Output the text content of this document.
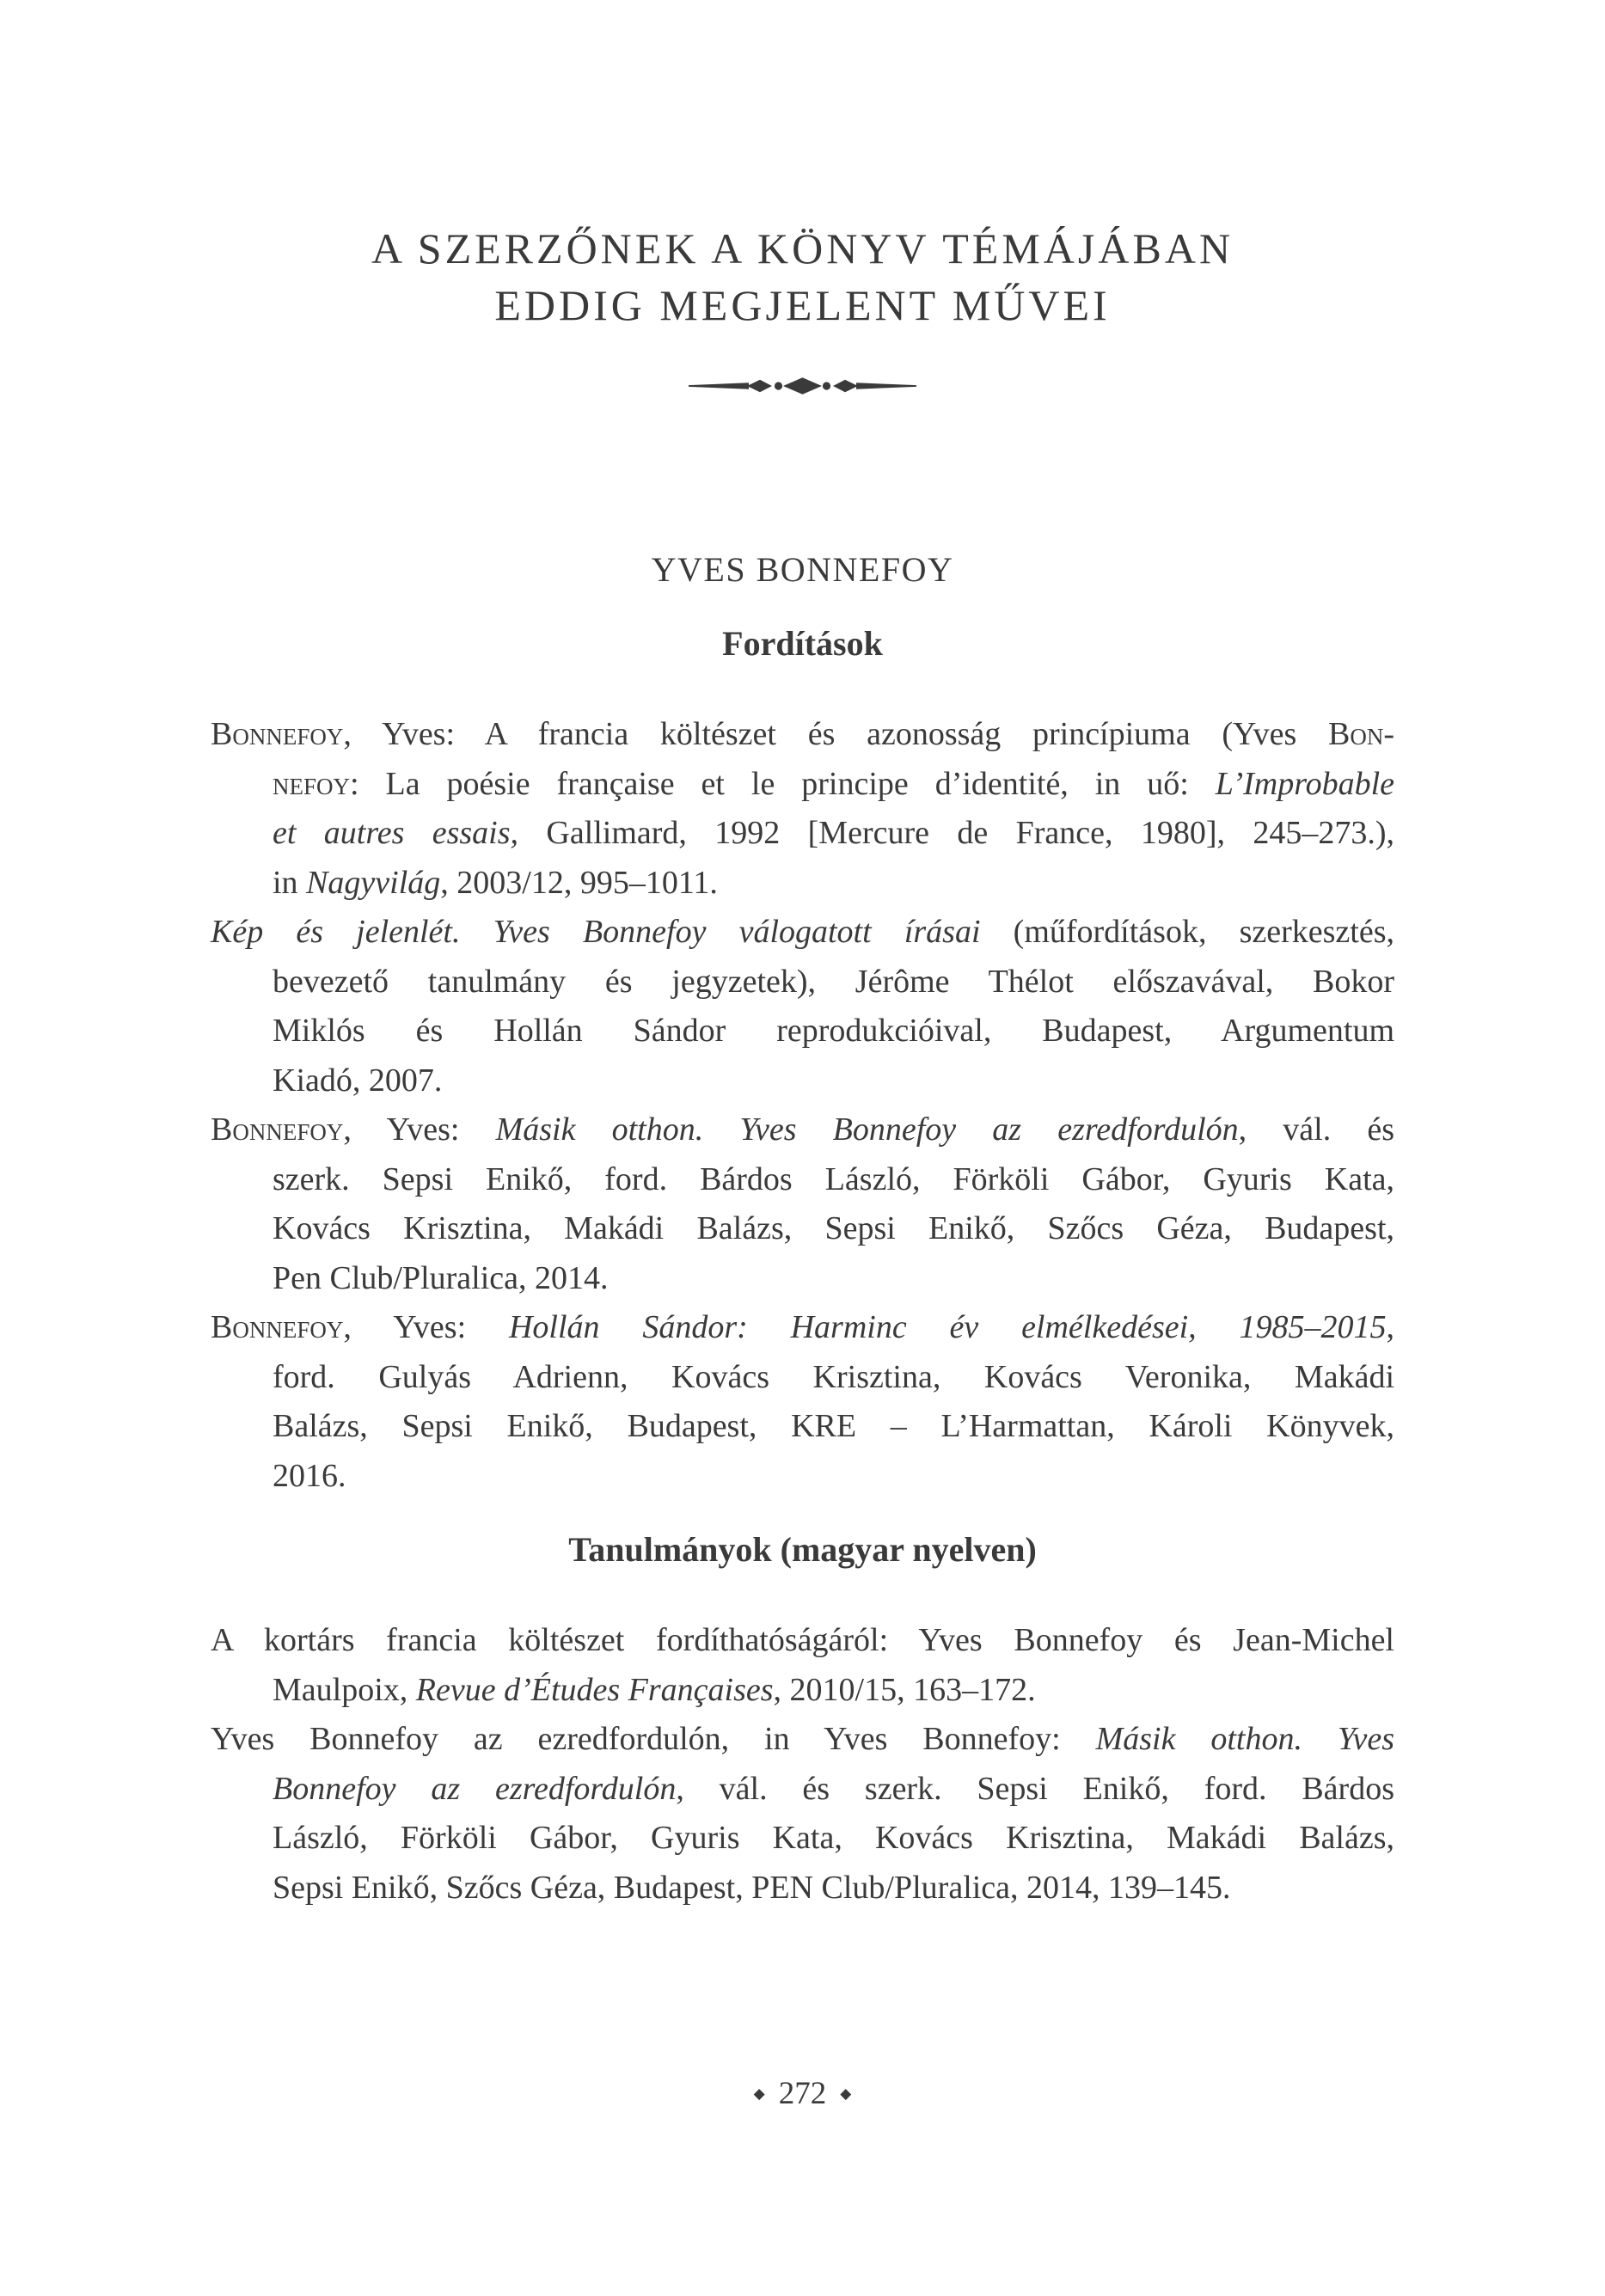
A SZERZŐNEK A KÖNYV TÉMÁJÁBAN
EDDIG MEGJELENT MŰVEI
YVES BONNEFOY
Fordítások
Bonnefoy, Yves: A francia költészet és azonosság princípiuma (Yves Bon-
nefoy: La poésie française et le principe d’identité, in uő: L’Improbable
et autres essais, Gallimard, 1992 [Mercure de France, 1980], 245–273.),
in Nagyvilág, 2003/12, 995–1011.
Kép és jelenlét. Yves Bonnefoy válogatott írásai (műfordítások, szerkesztés,
bevezető tanulmány és jegyzetek), Jérôme Thélot előszavával, Bokor
Miklós és Hollán Sándor reprodukcióival, Budapest, Argumentum
Kiadó, 2007.
Bonnefoy, Yves: Másik otthon. Yves Bonnefoy az ezredfordulón, vál. és
szerk. Sepsi Enikő, ford. Bárdos László, Förköli Gábor, Gyuris Kata,
Kovács Krisztina, Makádi Balázs, Sepsi Enikő, Szőcs Géza, Budapest,
Pen Club/Pluralica, 2014.
Bonnefoy, Yves: Hollán Sándor: Harminc év elmélkedései, 1985–2015,
ford. Gulyás Adrienn, Kovács Krisztina, Kovács Veronika, Makádi
Balázs, Sepsi Enikő, Budapest, KRE – L’Harmattan, Károli Könyvek,
2016.
Tanulmányok (magyar nyelven)
A kortárs francia költészet fordíthatóságáról: Yves Bonnefoy és Jean-Michel
Maulpoix, Revue d’Études Françaises, 2010/15, 163–172.
Yves Bonnefoy az ezredfordulón, in Yves Bonnefoy: Másik otthon. Yves
Bonnefoy az ezredfordulón, vál. és szerk. Sepsi Enikő, ford. Bárdos
László, Förköli Gábor, Gyuris Kata, Kovács Krisztina, Makádi Balázs,
Sepsi Enikő, Szőcs Géza, Budapest, PEN Club/Pluralica, 2014, 139–145.
◆ 272 ◆
